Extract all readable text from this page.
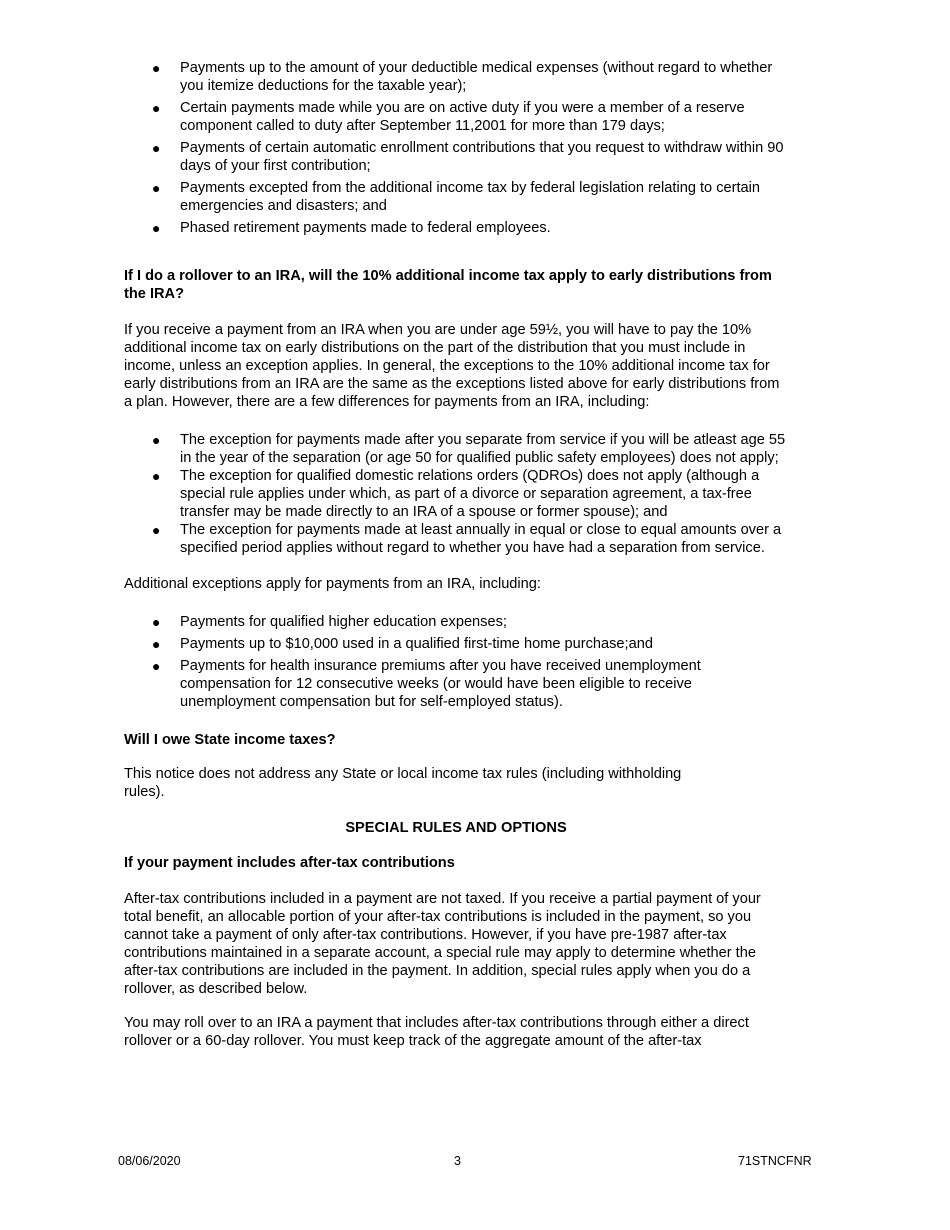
● Payments up to the amount of your deductible medical expenses (without regard to whether you itemize deductions for the taxable year);
● Certain payments made while you are on active duty if you were a member of a reserve component called to duty after September 11,2001 for more than 179 days;
● Payments of certain automatic enrollment contributions that you request to withdraw within 90 days of your first contribution;
● Payments excepted from the additional income tax by federal legislation relating to certain emergencies and disasters; and
● Phased retirement payments made to federal employees.
If I do a rollover to an IRA, will the 10% additional income tax apply to early distributions from the IRA?

If you receive a payment from an IRA when you are under age 59½, you will have to pay the 10% additional income tax on early distributions on the part of the distribution that you must include in income, unless an exception applies. In general, the exceptions to the 10% additional income tax for early distributions from an IRA are the same as the exceptions listed above for early distributions from a plan. However, there are a few differences for payments from an IRA, including:

● The exception for payments made after you separate from service if you will be atleast age 55 in the year of the separation (or age 50 for qualified public safety employees) does not apply;
● The exception for qualified domestic relations orders (QDROs) does not apply (although a special rule applies under which, as part of a divorce or separation agreement, a tax-free transfer may be made directly to an IRA of a spouse or former spouse); and
● The exception for payments made at least annually in equal or close to equal amounts over a specified period applies without regard to whether you have had a separation from service.

Additional exceptions apply for payments from an IRA, including:

● Payments for qualified higher education expenses;
● Payments up to $10,000 used in a qualified first-time home purchase;and
● Payments for health insurance premiums after you have received unemployment compensation for 12 consecutive weeks (or would have been eligible to receive unemployment compensation but for self-employed status).
Will I owe State income taxes?

This notice does not address any State or local income tax rules (including withholding rules).

SPECIAL RULES AND OPTIONS

If your payment includes after-tax contributions

After-tax contributions included in a payment are not taxed. If you receive a partial payment of your total benefit, an allocable portion of your after-tax contributions is included in the payment, so you cannot take a payment of only after-tax contributions. However, if you have pre-1987 after-tax contributions maintained in a separate account, a special rule may apply to determine whether the after-tax contributions are included in the payment. In addition, special rules apply when you do a rollover, as described below.

You may roll over to an IRA a payment that includes after-tax contributions through either a direct rollover or a 60-day rollover. You must keep track of the aggregate amount of the after-tax

08/06/2020	3	71STNCFNR
